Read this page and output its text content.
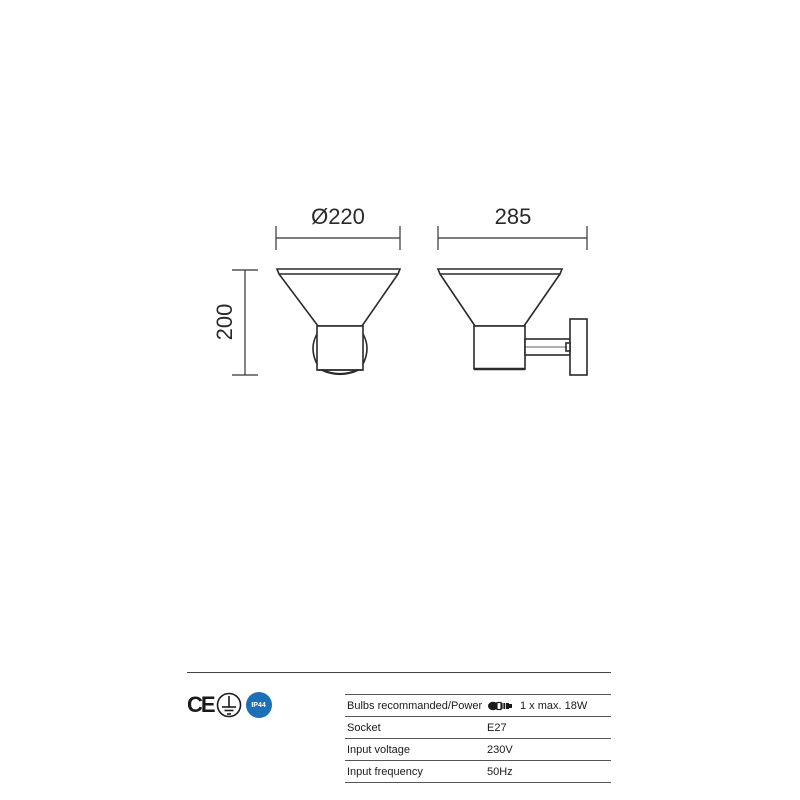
Ø220	285
200
CE	IP44	Bulbs recommanded/Power	1 x max. 18W
Socket	E27
Input voltage	230V
Input frequency	50Hz
